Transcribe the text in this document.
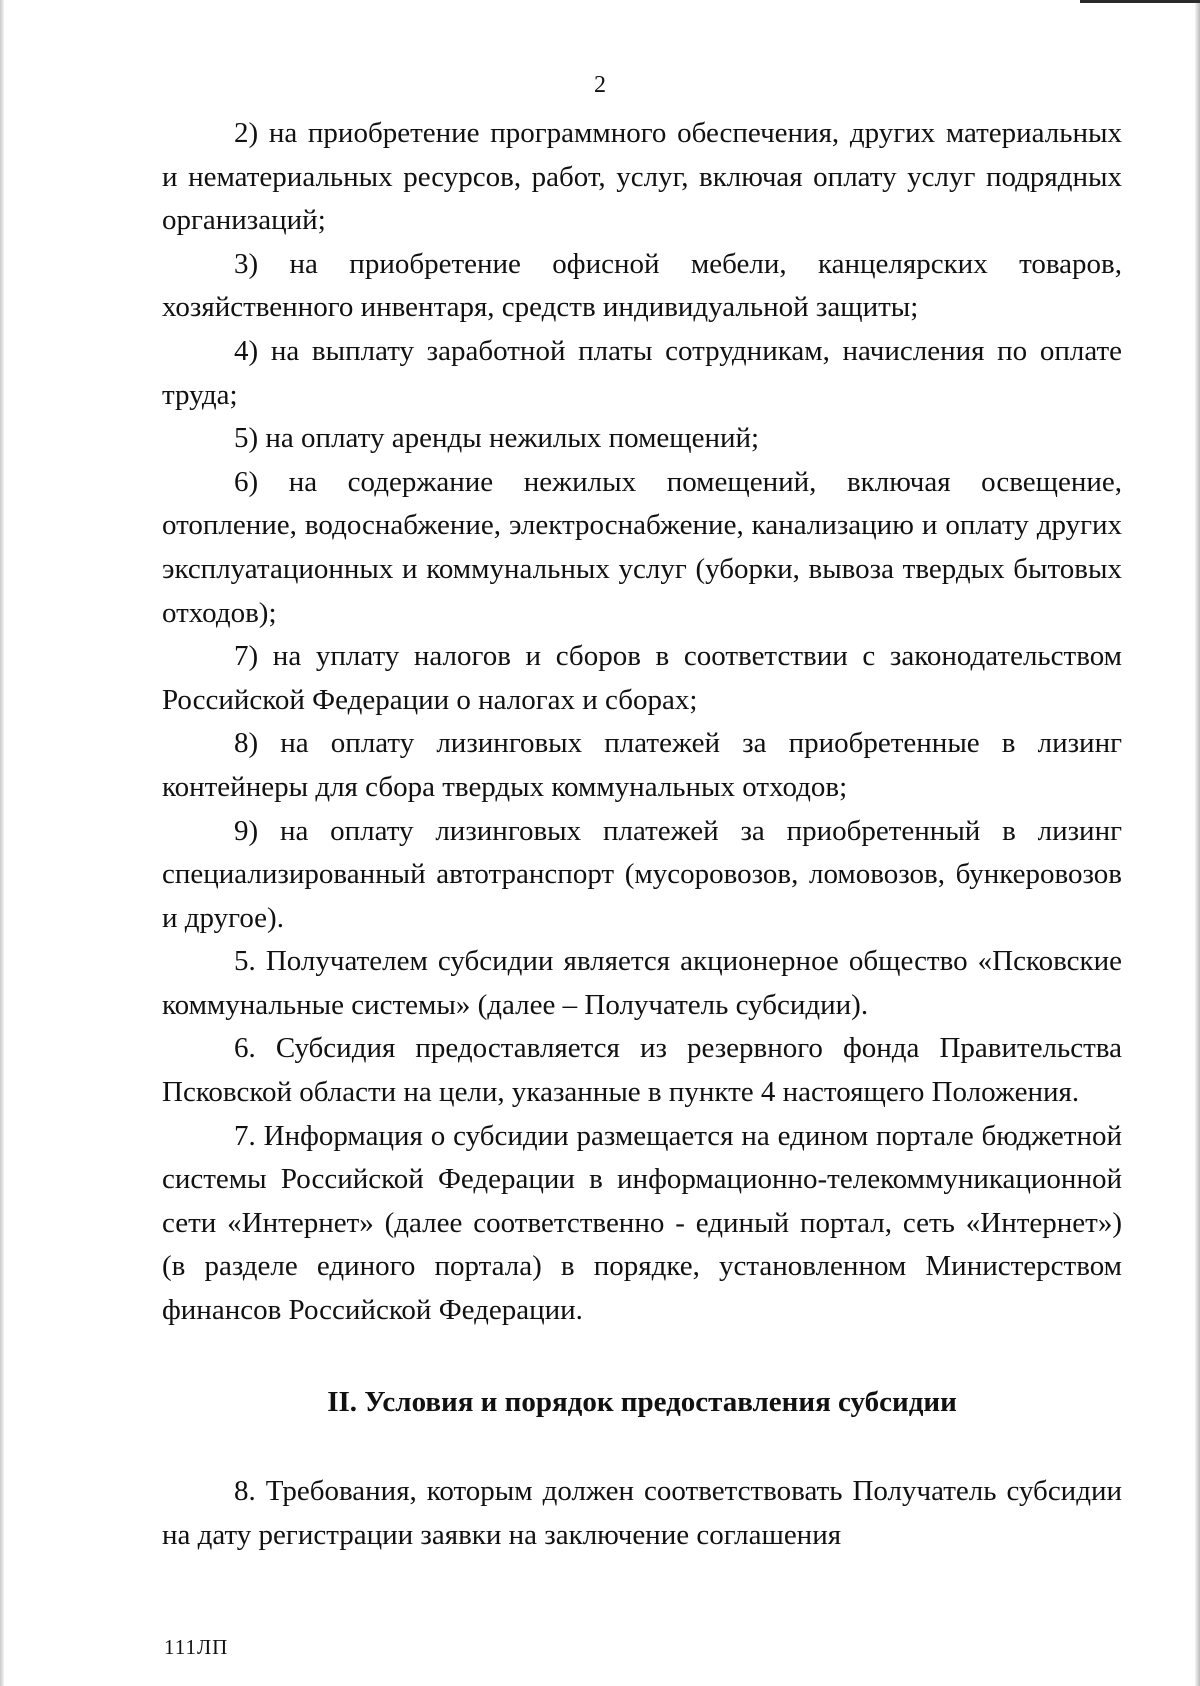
2

2) на приобретение программного обеспечения, других материальных и нематериальных ресурсов, работ, услуг, включая оплату услуг подрядных организаций;

3) на приобретение офисной мебели, канцелярских товаров, хозяйственного инвентаря, средств индивидуальной защиты;

4) на выплату заработной платы сотрудникам, начисления по оплате труда;

5) на оплату аренды нежилых помещений;

6) на содержание нежилых помещений, включая освещение, отопление, водоснабжение, электроснабжение, канализацию и оплату других эксплуатационных и коммунальных услуг (уборки, вывоза твердых бытовых отходов);

7) на уплату налогов и сборов в соответствии с законодательством Российской Федерации о налогах и сборах;

8) на оплату лизинговых платежей за приобретенные в лизинг контейнеры для сбора твердых коммунальных отходов;

9) на оплату лизинговых платежей за приобретенный в лизинг специализированный автотранспорт (мусоровозов, ломовозов, бункеровозов и другое).

5. Получателем субсидии является акционерное общество «Псковские коммунальные системы» (далее – Получатель субсидии).

6. Субсидия предоставляется из резервного фонда Правительства Псковской области на цели, указанные в пункте 4 настоящего Положения.

7. Информация о субсидии размещается на едином портале бюджетной системы Российской Федерации в информационно-телекоммуникационной сети «Интернет» (далее соответственно - единый портал, сеть «Интернет») (в разделе единого портала) в порядке, установленном Министерством финансов Российской Федерации.

II. Условия и порядок предоставления субсидии

8. Требования, которым должен соответствовать Получатель субсидии на дату регистрации заявки на заключение соглашения

111ЛП
